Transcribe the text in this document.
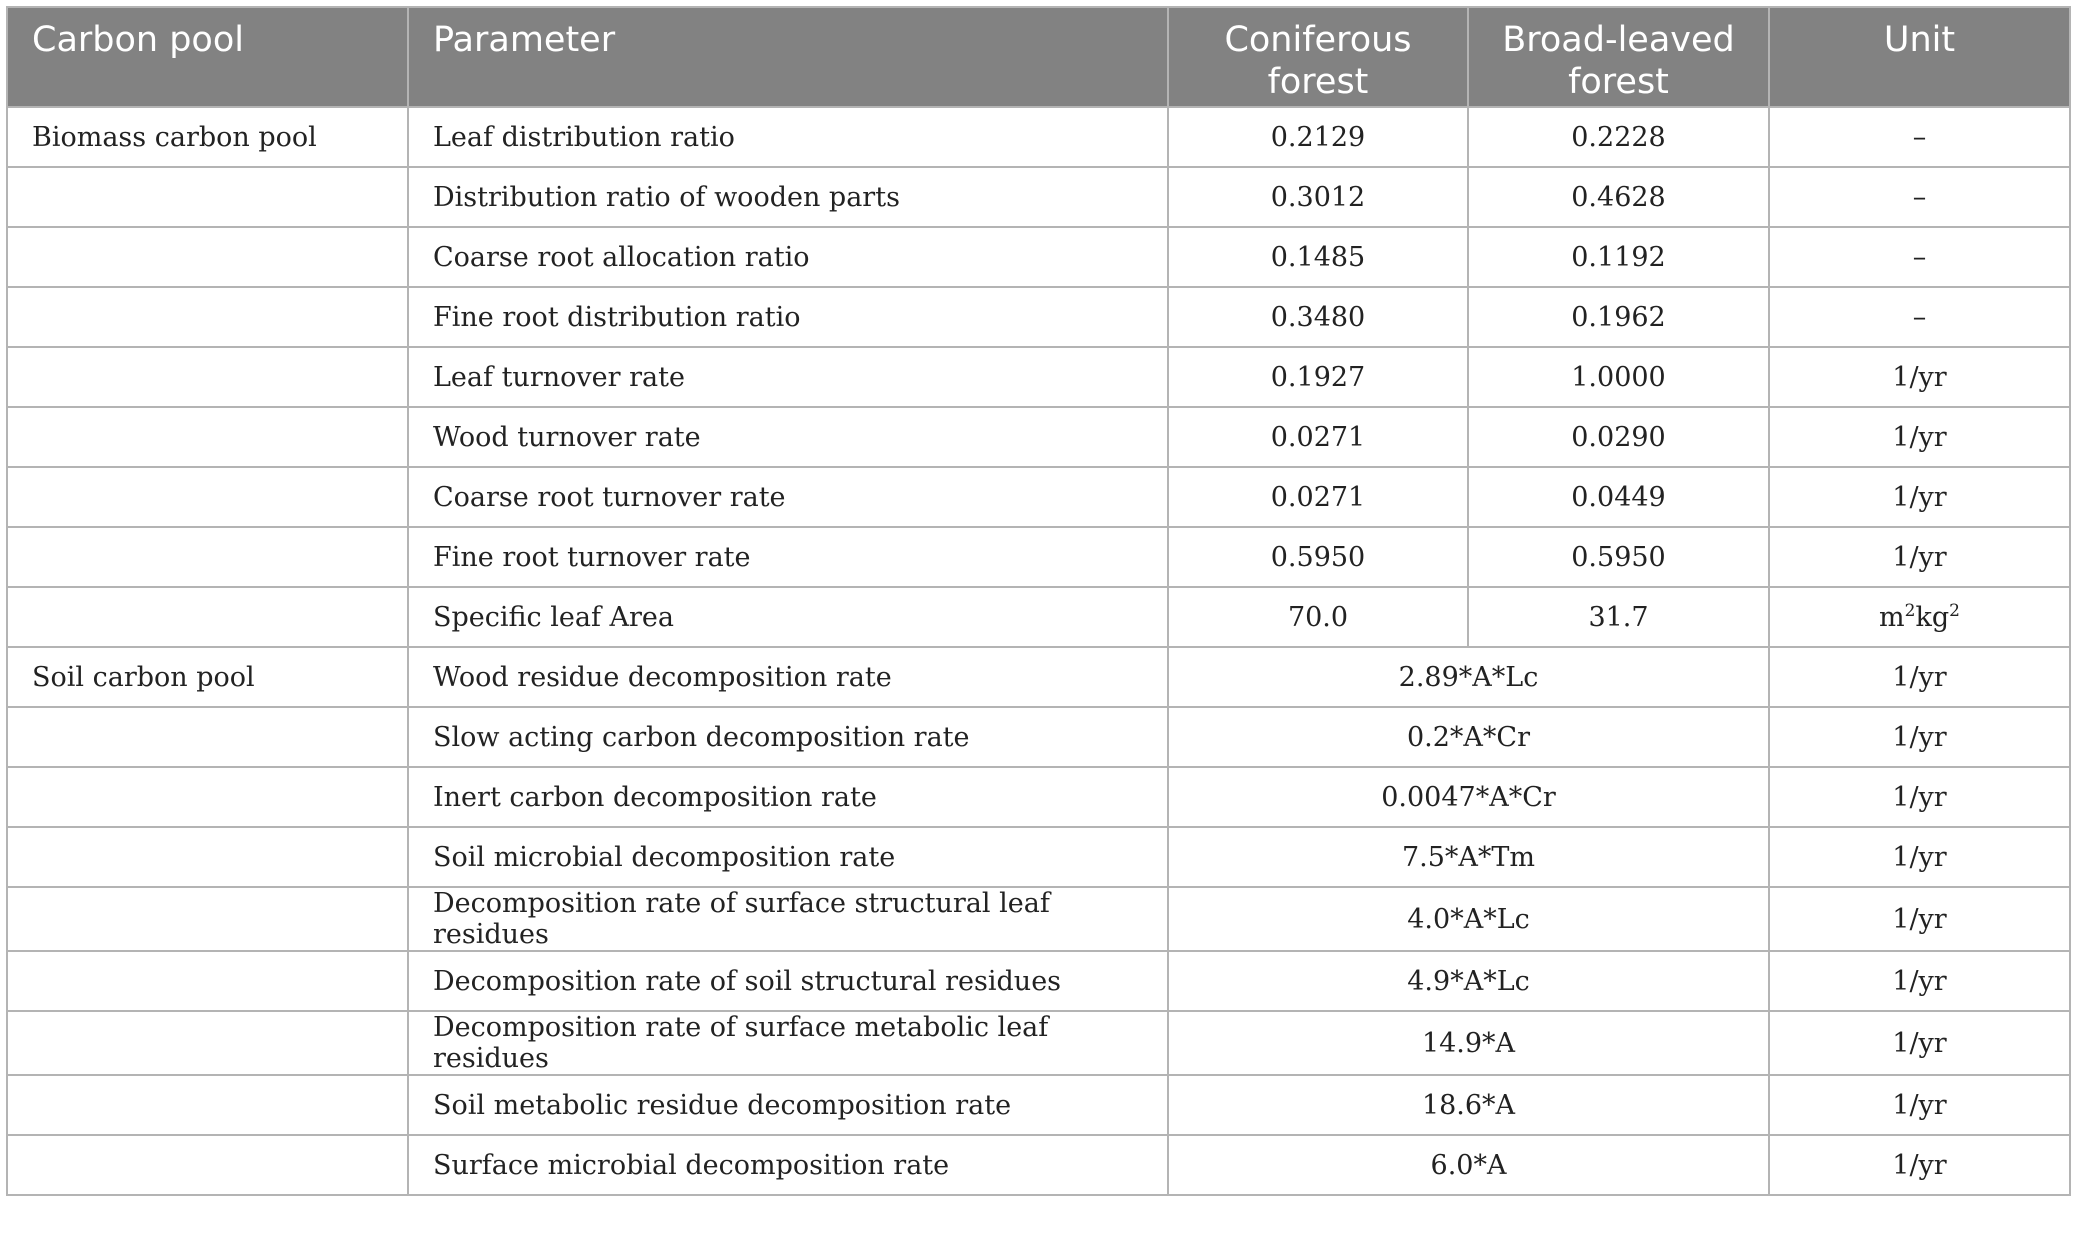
Carbon pool	Parameter	Coniferous forest	Broad-leaved forest	Unit
Biomass carbon pool	Leaf distribution ratio	0.2129	0.2228	–
	Distribution ratio of wooden parts	0.3012	0.4628	–
	Coarse root allocation ratio	0.1485	0.1192	–
	Fine root distribution ratio	0.3480	0.1962	–
	Leaf turnover rate	0.1927	1.0000	1/yr
	Wood turnover rate	0.0271	0.0290	1/yr
	Coarse root turnover rate	0.0271	0.0449	1/yr
	Fine root turnover rate	0.5950	0.5950	1/yr
	Specific leaf Area	70.0	31.7	$m^2kg^2$
Soil carbon pool	Wood residue decomposition rate	2.89*A*Lc		1/yr
	Slow acting carbon decomposition rate	0.2*A*Cr		1/yr
	Inert carbon decomposition rate	0.0047*A*Cr		1/yr
	Soil microbial decomposition rate	7.5*A*Tm		1/yr
	Decomposition rate of surface structural leaf residues	4.0*A*Lc		1/yr
	Decomposition rate of soil structural residues	4.9*A*Lc		1/yr
	Decomposition rate of surface metabolic leaf residues	14.9*A		1/yr
	Soil metabolic residue decomposition rate	18.6*A		1/yr
	Surface microbial decomposition rate	6.0*A		1/yr
